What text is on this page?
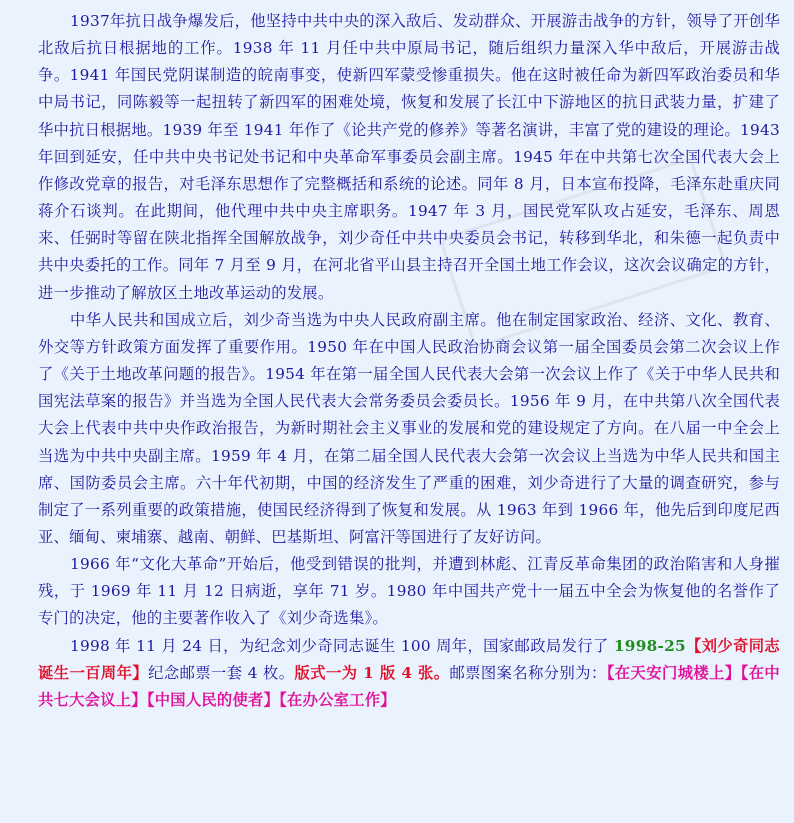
1937年抗日战争爆发后，他坚持中共中央的深入敌后、发动群众、开展游击战争的方针，领导了开创华北敌后抗日根据地的工作。1938 年 11 月任中共中原局书记，随后组织力量深入华中敌后，开展游击战争。1941 年国民党阴谋制造的皖南事变，使新四军蒙受惨重损失。他在这时被任命为新四军政治委员和华中局书记，同陈毅等一起扭转了新四军的困难处境，恢复和发展了长江中下游地区的抗日武装力量，扩建了华中抗日根据地。1939 年至 1941 年作了《论共产党的修养》等著名演讲，丰富了党的建设的理论。1943 年回到延安，任中共中央书记处书记和中央革命军事委员会副主席。1945 年在中共第七次全国代表大会上作修改党章的报告，对毛泽东思想作了完整概括和系统的论述。同年 8 月，日本宣布投降，毛泽东赴重庆同蒋介石谈判。在此期间，他代理中共中央主席职务。1947 年 3 月，国民党军队攻占延安，毛泽东、周恩来、任弼时等留在陕北指挥全国解放战争，刘少奇任中共中央委员会书记，转移到华北，和朱德一起负责中共中央委托的工作。同年 7 月至 9 月，在河北省平山县主持召开全国土地工作会议，这次会议确定的方针，进一步推动了解放区土地改革运动的发展。

中华人民共和国成立后，刘少奇当选为中央人民政府副主席。他在制定国家政治、经济、文化、教育、外交等方针政策方面发挥了重要作用。1950 年在中国人民政治协商会议第一届全国委员会第二次会议上作了《关于土地改革问题的报告》。1954 年在第一届全国人民代表大会第一次会议上作了《关于中华人民共和国宪法草案的报告》并当选为全国人民代表大会常务委员会委员长。1956 年 9 月，在中共第八次全国代表大会上代表中共中央作政治报告，为新时期社会主义事业的发展和党的建设规定了方向。在八届一中全会上当选为中共中央副主席。1959 年 4 月，在第二届全国人民代表大会第一次会议上当选为中华人民共和国主席、国防委员会主席。六十年代初期，中国的经济发生了严重的困难，刘少奇进行了大量的调查研究，参与制定了一系列重要的政策措施，使国民经济得到了恢复和发展。从 1963 年到 1966 年，他先后到印度尼西亚、缅甸、柬埔寨、越南、朝鲜、巴基斯坦、阿富汗等国进行了友好访问。

1966 年“文化大革命”开始后，他受到错误的批判，并遭到林彪、江青反革命集团的政治陷害和人身摧残，于 1969 年 11 月 12 日病逝，享年 71 岁。1980 年中国共产党十一届五中全会为恢复他的名誉作了专门的决定，他的主要著作收入了《刘少奇选集》。

1998 年 11 月 24 日，为纪念刘少奇同志诞生 100 周年，国家邮政局发行了 1998-25【刘少奇同志诞生一百周年】纪念邮票一套 4 枚。版式一为 1 版 4 张。邮票图案名称分别为：【在天安门城楼上】【在中共七大会议上】【中国人民的使者】【在办公室工作】
